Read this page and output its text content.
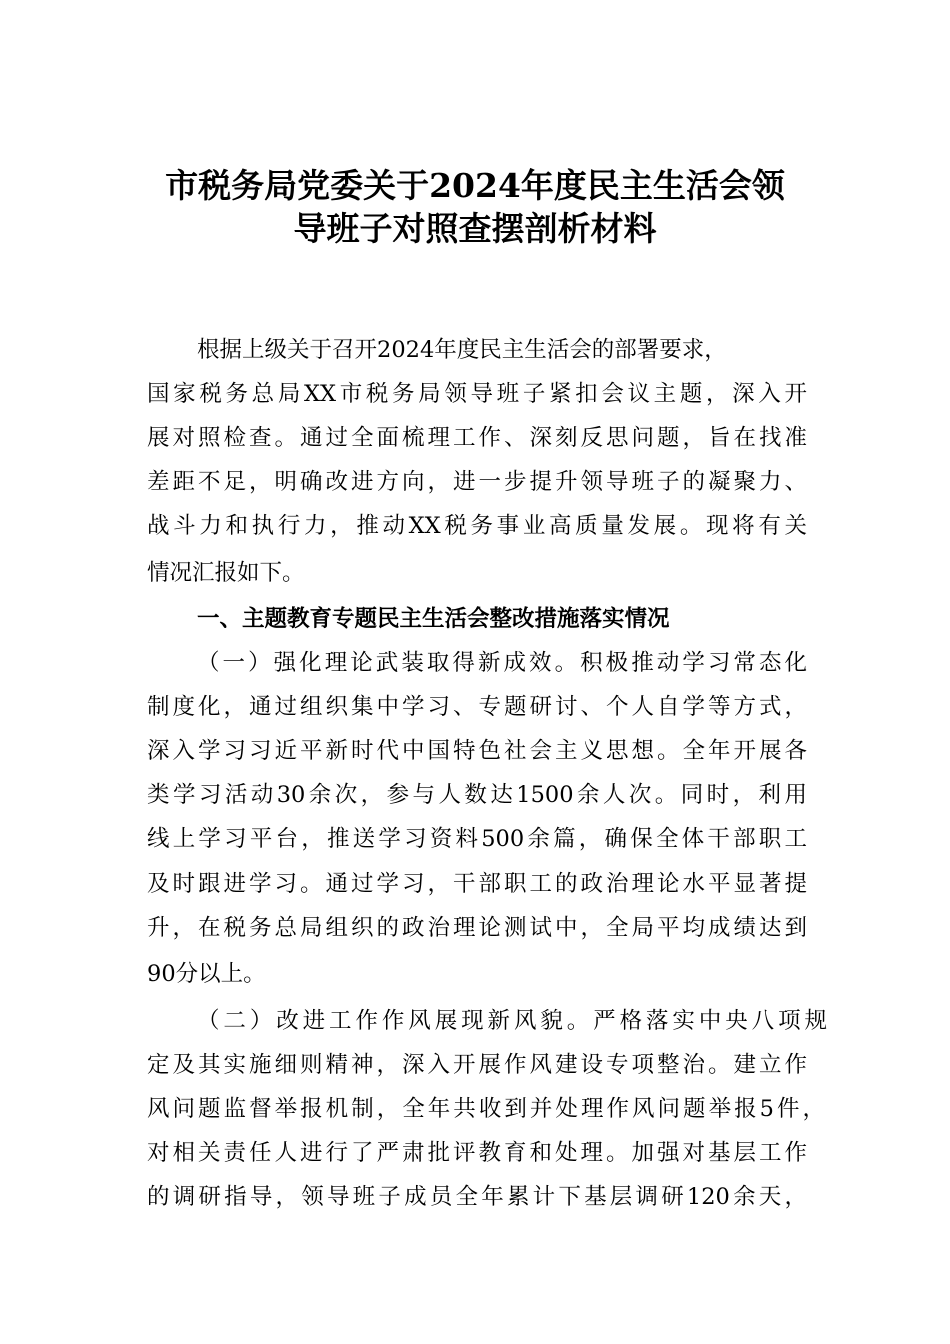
市税务局党委关于2024年度民主生活会领
导班子对照查摆剖析材料
根据上级关于召开2024年度民主生活会的部署要求，
国家税务总局XX市税务局领导班子紧扣会议主题，深入开
展对照检查。通过全面梳理工作、深刻反思问题，旨在找准
差距不足，明确改进方向，进一步提升领导班子的凝聚力、
战斗力和执行力，推动XX税务事业高质量发展。现将有关
情况汇报如下。
一、主题教育专题民主生活会整改措施落实情况
（一）强化理论武装取得新成效。积极推动学习常态化
制度化，通过组织集中学习、专题研讨、个人自学等方式，
深入学习习近平新时代中国特色社会主义思想。全年开展各
类学习活动30余次，参与人数达1500余人次。同时，利用
线上学习平台，推送学习资料500余篇，确保全体干部职工
及时跟进学习。通过学习，干部职工的政治理论水平显著提
升，在税务总局组织的政治理论测试中，全局平均成绩达到
90分以上。
（二）改进工作作风展现新风貌。严格落实中央八项规
定及其实施细则精神，深入开展作风建设专项整治。建立作
风问题监督举报机制，全年共收到并处理作风问题举报5件，
对相关责任人进行了严肃批评教育和处理。加强对基层工作
的调研指导，领导班子成员全年累计下基层调研120余天，
